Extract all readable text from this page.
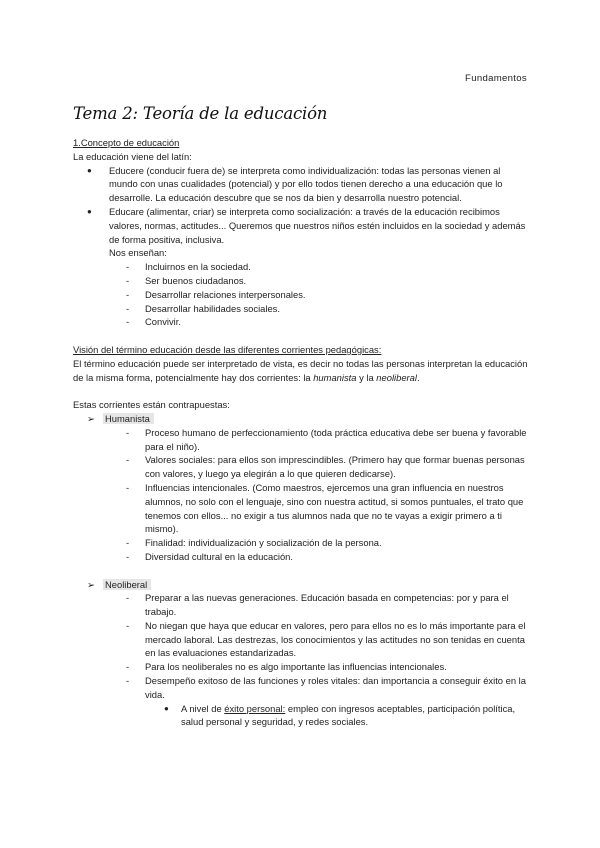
Fundamentos
Tema 2: Teoría de la educación

1.Concepto de educación

La educación viene del latín:

● Educere (conducir fuera de) se interpreta como individualización: todas las personas vienen al mundo con unas cualidades (potencial) y por ello todos tienen derecho a una educación que lo desarrolle. La educación descubre que se nos da bien y desarrolla nuestro potencial.
● Educare (alimentar, criar) se interpreta como socialización: a través de la educación recibimos valores, normas, actitudes... Queremos que nuestros niños estén incluidos en la sociedad y además de forma positiva, inclusiva.

Nos enseñan:

- Incluirnos en la sociedad.
- Ser buenos ciudadanos.
- Desarrollar relaciones interpersonales.
- Desarrollar habilidades sociales.
- Convivir.

Visión del término educación desde las diferentes corrientes pedagógicas:

El término educación puede ser interpretado de vista, es decir no todas las personas interpretan la educación de la misma forma, potencialmente hay dos corrientes: la humanista y la neoliberal.

Estas corrientes están contrapuestas:

➢ Humanista

- Proceso humano de perfeccionamiento (toda práctica educativa debe ser buena y favorable para el niño).
- Valores sociales: para ellos son imprescindibles. (Primero hay que formar buenas personas con valores, y luego ya elegirán a lo que quieren dedicarse).
- Influencias intencionales. (Como maestros, ejercemos una gran influencia en nuestros alumnos, no solo con el lenguaje, sino con nuestra actitud, si somos puntuales, el trato que tenemos con ellos... no exigir a tus alumnos nada que no te vayas a exigir primero a ti mismo).
- Finalidad: individualización y socialización de la persona.
- Diversidad cultural en la educación.

➢ Neoliberal

- Preparar a las nuevas generaciones. Educación basada en competencias: por y para el trabajo.
- No niegan que haya que educar en valores, pero para ellos no es lo más importante para el mercado laboral. Las destrezas, los conocimientos y las actitudes no son tenidas en cuenta en las evaluaciones estandarizadas.
- Para los neoliberales no es algo importante las influencias intencionales.
- Desempeño exitoso de las funciones y roles vitales: dan importancia a conseguir éxito en la vida.
● A nivel de éxito personal: empleo con ingresos aceptables, participación política, salud personal y seguridad, y redes sociales.
